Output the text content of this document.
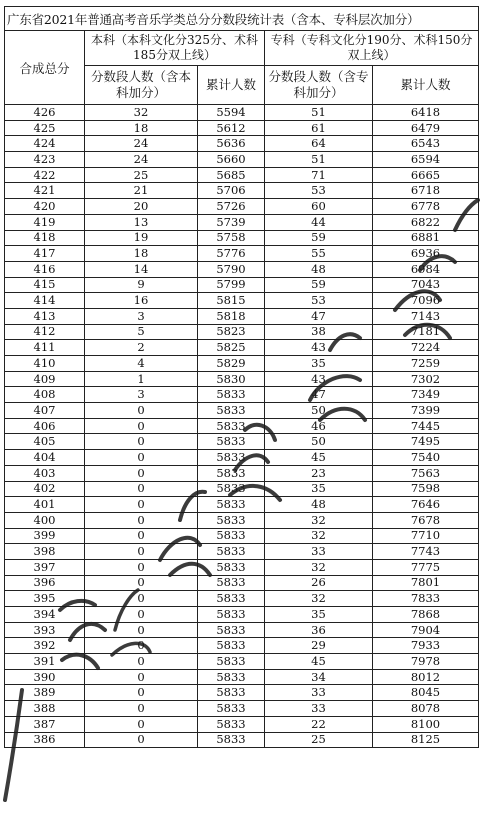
广东省2021年普通高考音乐学类总分分数段统计表（含本、专科层次加分）				
合成总分	本科（本科文化分325分、术科185分双上线）		专科（专科文化分190分、术科150分双上线）	
	分数段人数（含本科加分）	累计人数	分数段人数（含专科加分）	累计人数
426	32	5594	51	6418
425	18	5612	61	6479
424	24	5636	64	6543
423	24	5660	51	6594
422	25	5685	71	6665
421	21	5706	53	6718
420	20	5726	60	6778
419	13	5739	44	6822
418	19	5758	59	6881
417	18	5776	55	6936
416	14	5790	48	6984
415	9	5799	59	7043
414	16	5815	53	7096
413	3	5818	47	7143
412	5	5823	38	7181
411	2	5825	43	7224
410	4	5829	35	7259
409	1	5830	43	7302
408	3	5833	47	7349
407	0	5833	50	7399
406	0	5833	46	7445
405	0	5833	50	7495
404	0	5833	45	7540
403	0	5833	23	7563
402	0	5833	35	7598
401	0	5833	48	7646
400	0	5833	32	7678
399	0	5833	32	7710
398	0	5833	33	7743
397	0	5833	32	7775
396	0	5833	26	7801
395	0	5833	32	7833
394	0	5833	35	7868
393	0	5833	36	7904
392	0	5833	29	7933
391	0	5833	45	7978
390	0	5833	34	8012
389	0	5833	33	8045
388	0	5833	33	8078
387	0	5833	22	8100
386	0	5833	25	8125
